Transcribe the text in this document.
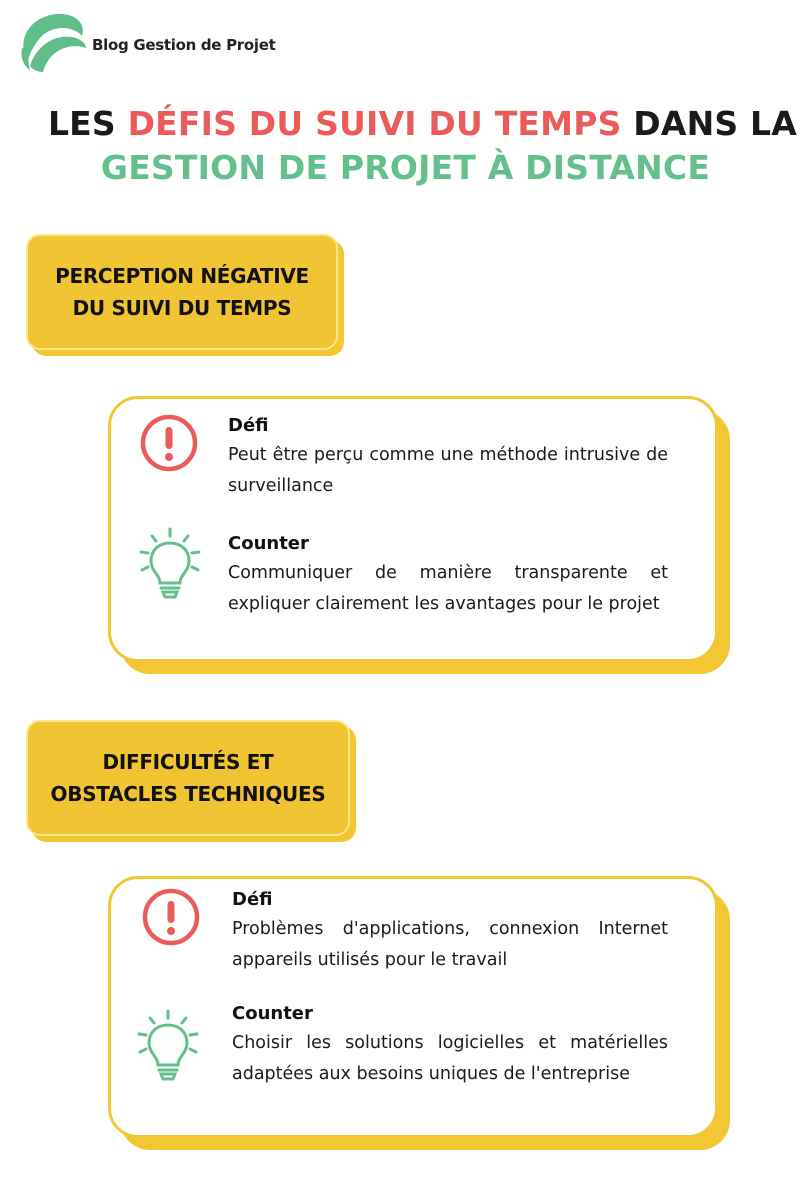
Blog Gestion de Projet
LES DÉFIS DU SUIVI DU TEMPS DANS LA
GESTION DE PROJET À DISTANCE
PERCEPTION NÉGATIVE
DU SUIVI DU TEMPS
Défi
Peut être perçu comme une méthode intrusive de surveillance
Counter
Communiquer de manière transparente et expliquer clairement les avantages pour le projet
DIFFICULTÉS ET
OBSTACLES TECHNIQUES
Défi
Problèmes d'applications, connexion Internet appareils utilisés pour le travail
Counter
Choisir les solutions logicielles et matérielles adaptées aux besoins uniques de l'entreprise
